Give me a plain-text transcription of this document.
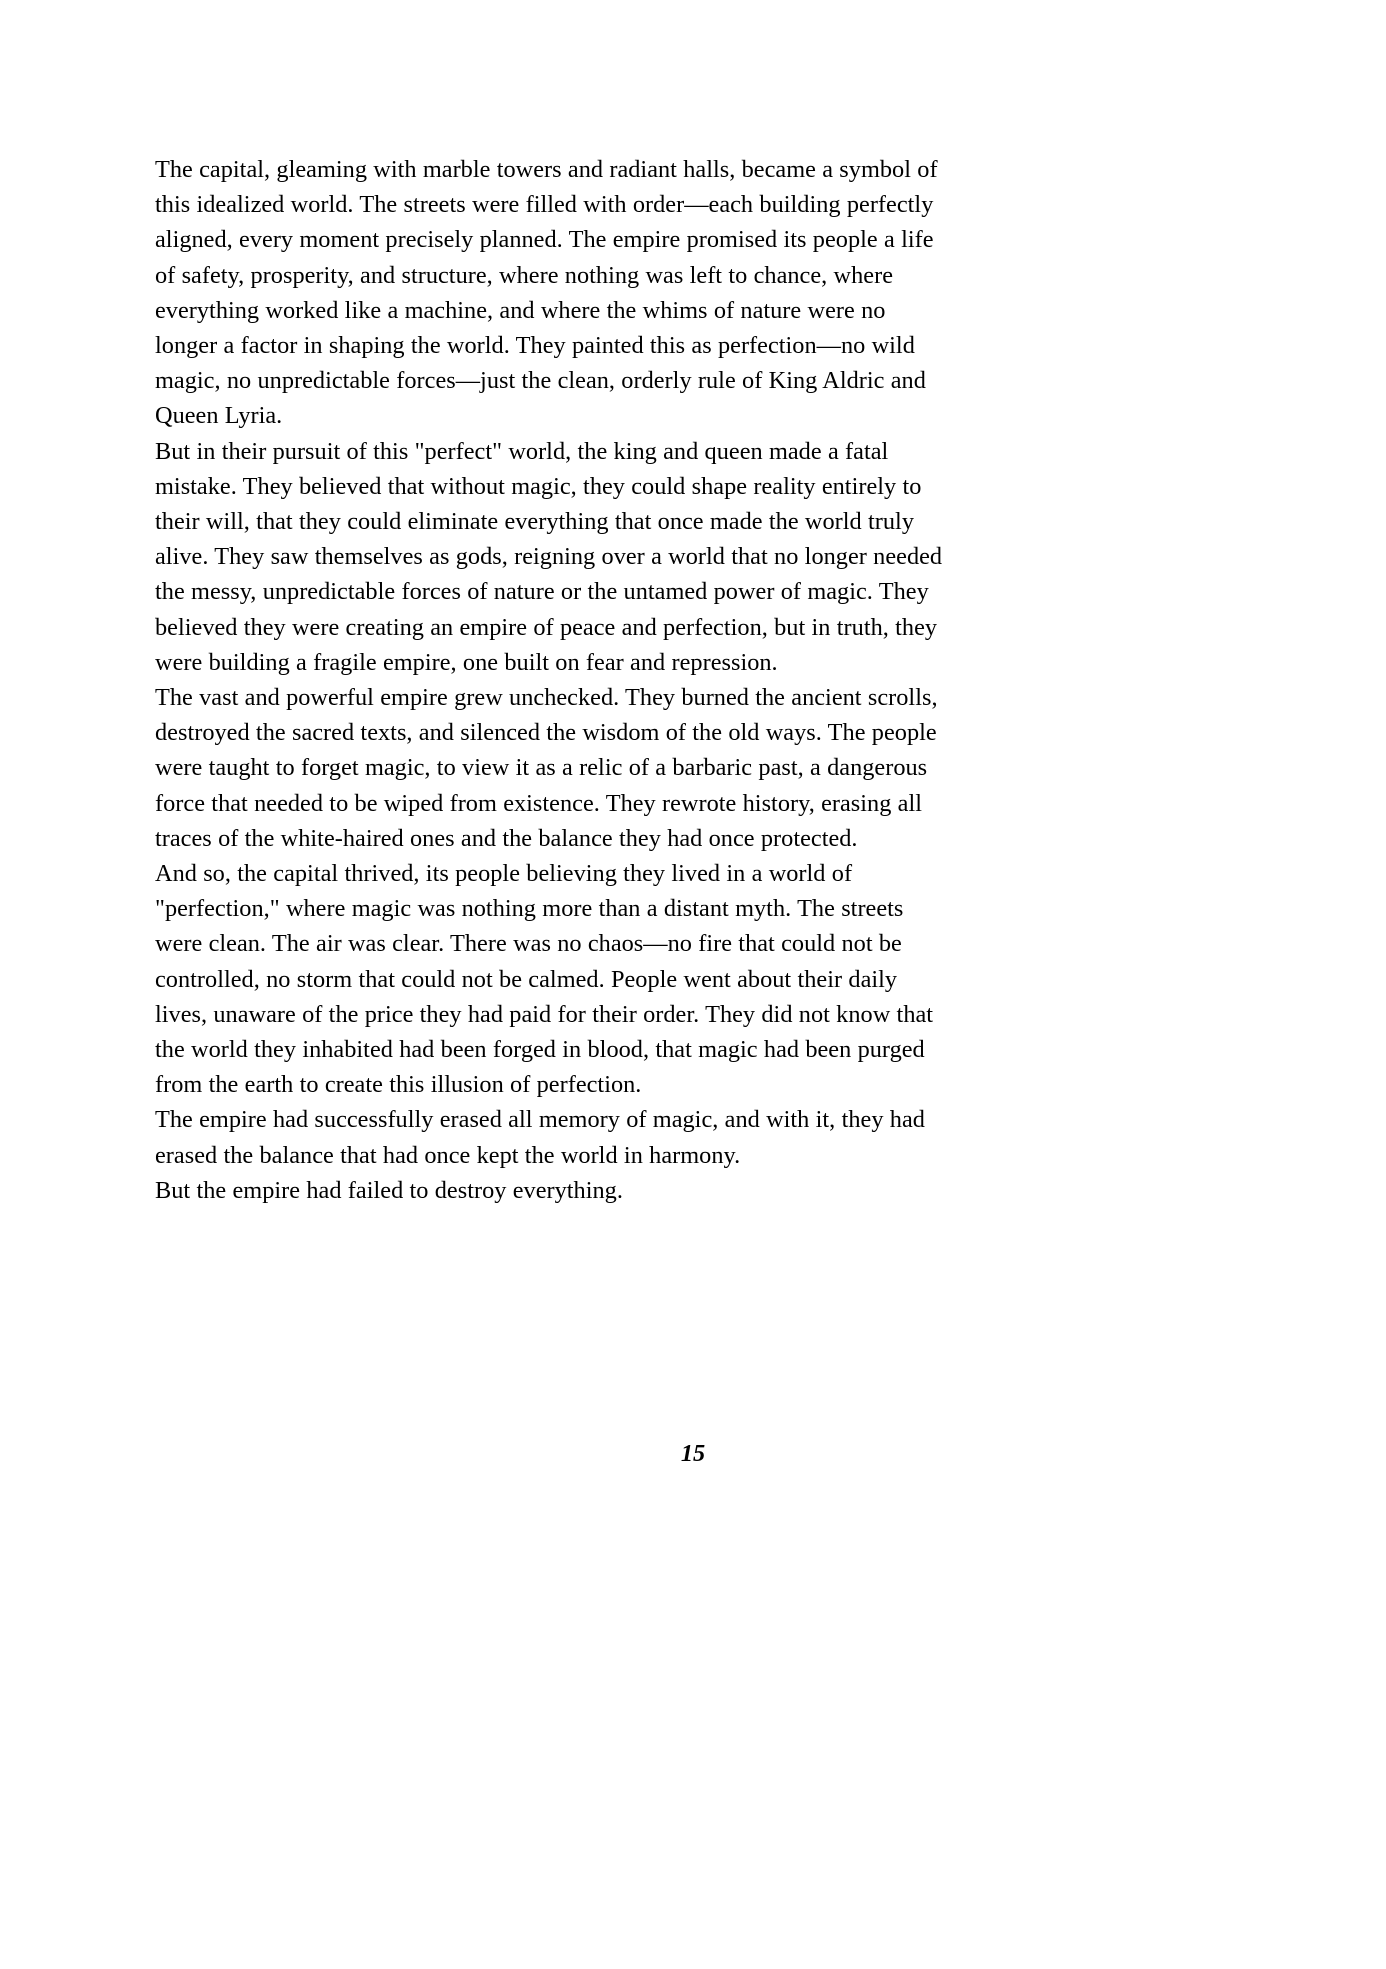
The capital, gleaming with marble towers and radiant halls, became a symbol of this idealized world. The streets were filled with order—each building perfectly aligned, every moment precisely planned. The empire promised its people a life of safety, prosperity, and structure, where nothing was left to chance, where everything worked like a machine, and where the whims of nature were no longer a factor in shaping the world. They painted this as perfection—no wild magic, no unpredictable forces—just the clean, orderly rule of King Aldric and Queen Lyria.

But in their pursuit of this "perfect" world, the king and queen made a fatal mistake. They believed that without magic, they could shape reality entirely to their will, that they could eliminate everything that once made the world truly alive. They saw themselves as gods, reigning over a world that no longer needed the messy, unpredictable forces of nature or the untamed power of magic. They believed they were creating an empire of peace and perfection, but in truth, they were building a fragile empire, one built on fear and repression.

The vast and powerful empire grew unchecked. They burned the ancient scrolls, destroyed the sacred texts, and silenced the wisdom of the old ways. The people were taught to forget magic, to view it as a relic of a barbaric past, a dangerous force that needed to be wiped from existence. They rewrote history, erasing all traces of the white-haired ones and the balance they had once protected.

And so, the capital thrived, its people believing they lived in a world of "perfection," where magic was nothing more than a distant myth. The streets were clean. The air was clear. There was no chaos—no fire that could not be controlled, no storm that could not be calmed. People went about their daily lives, unaware of the price they had paid for their order. They did not know that the world they inhabited had been forged in blood, that magic had been purged from the earth to create this illusion of perfection.

The empire had successfully erased all memory of magic, and with it, they had erased the balance that had once kept the world in harmony.

But the empire had failed to destroy everything.

15
